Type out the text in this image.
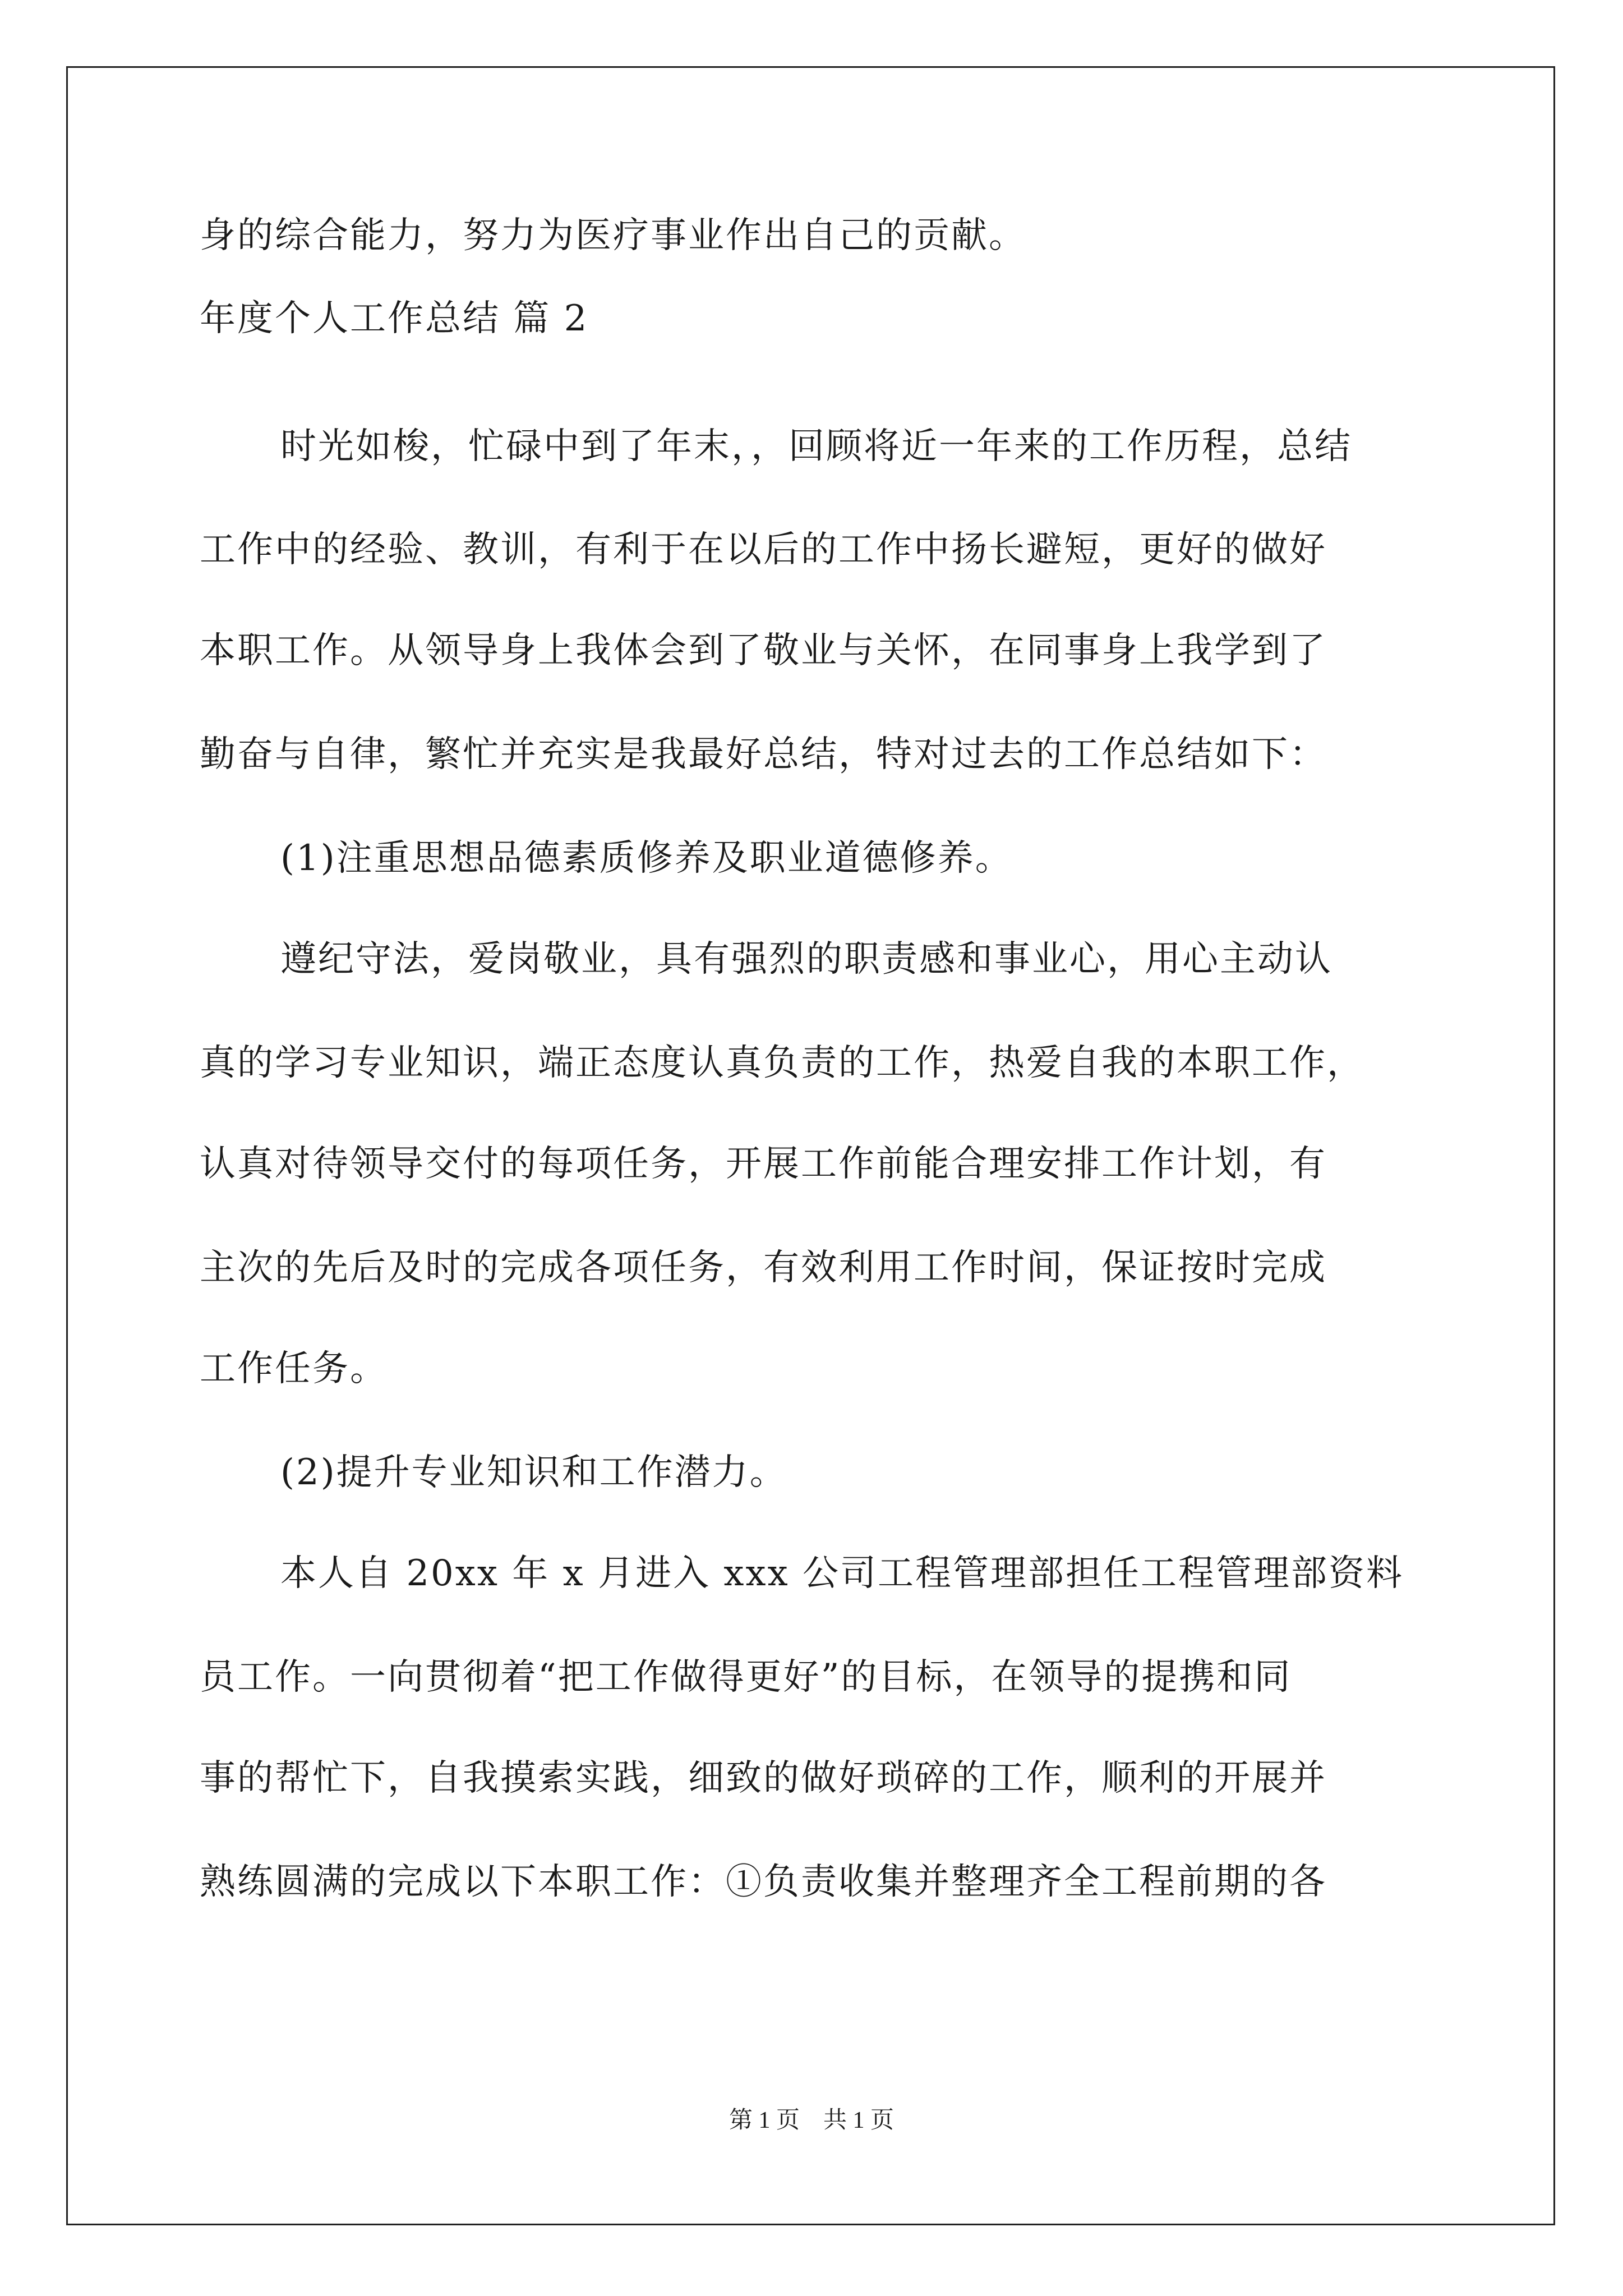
身的综合能力，努力为医疗事业作出自己的贡献。

年度个人工作总结 篇 2

时光如梭，忙碌中到了年末，，回顾将近一年来的工作历程，总结

工作中的经验、教训，有利于在以后的工作中扬长避短，更好的做好

本职工作。从领导身上我体会到了敬业与关怀，在同事身上我学到了

勤奋与自律，繁忙并充实是我最好总结，特对过去的工作总结如下：

(1)注重思想品德素质修养及职业道德修养。

遵纪守法，爱岗敬业，具有强烈的职责感和事业心，用心主动认

真的学习专业知识，端正态度认真负责的工作，热爱自我的本职工作，

认真对待领导交付的每项任务，开展工作前能合理安排工作计划，有

主次的先后及时的完成各项任务，有效利用工作时间，保证按时完成

工作任务。

(2)提升专业知识和工作潜力。

本人自 20xx 年 x 月进入 xxx 公司工程管理部担任工程管理部资料

员工作。一向贯彻着“把工作做得更好”的目标，在领导的提携和同

事的帮忙下，自我摸索实践，细致的做好琐碎的工作，顺利的开展并

熟练圆满的完成以下本职工作：①负责收集并整理齐全工程前期的各

第 1 页    共 1 页
